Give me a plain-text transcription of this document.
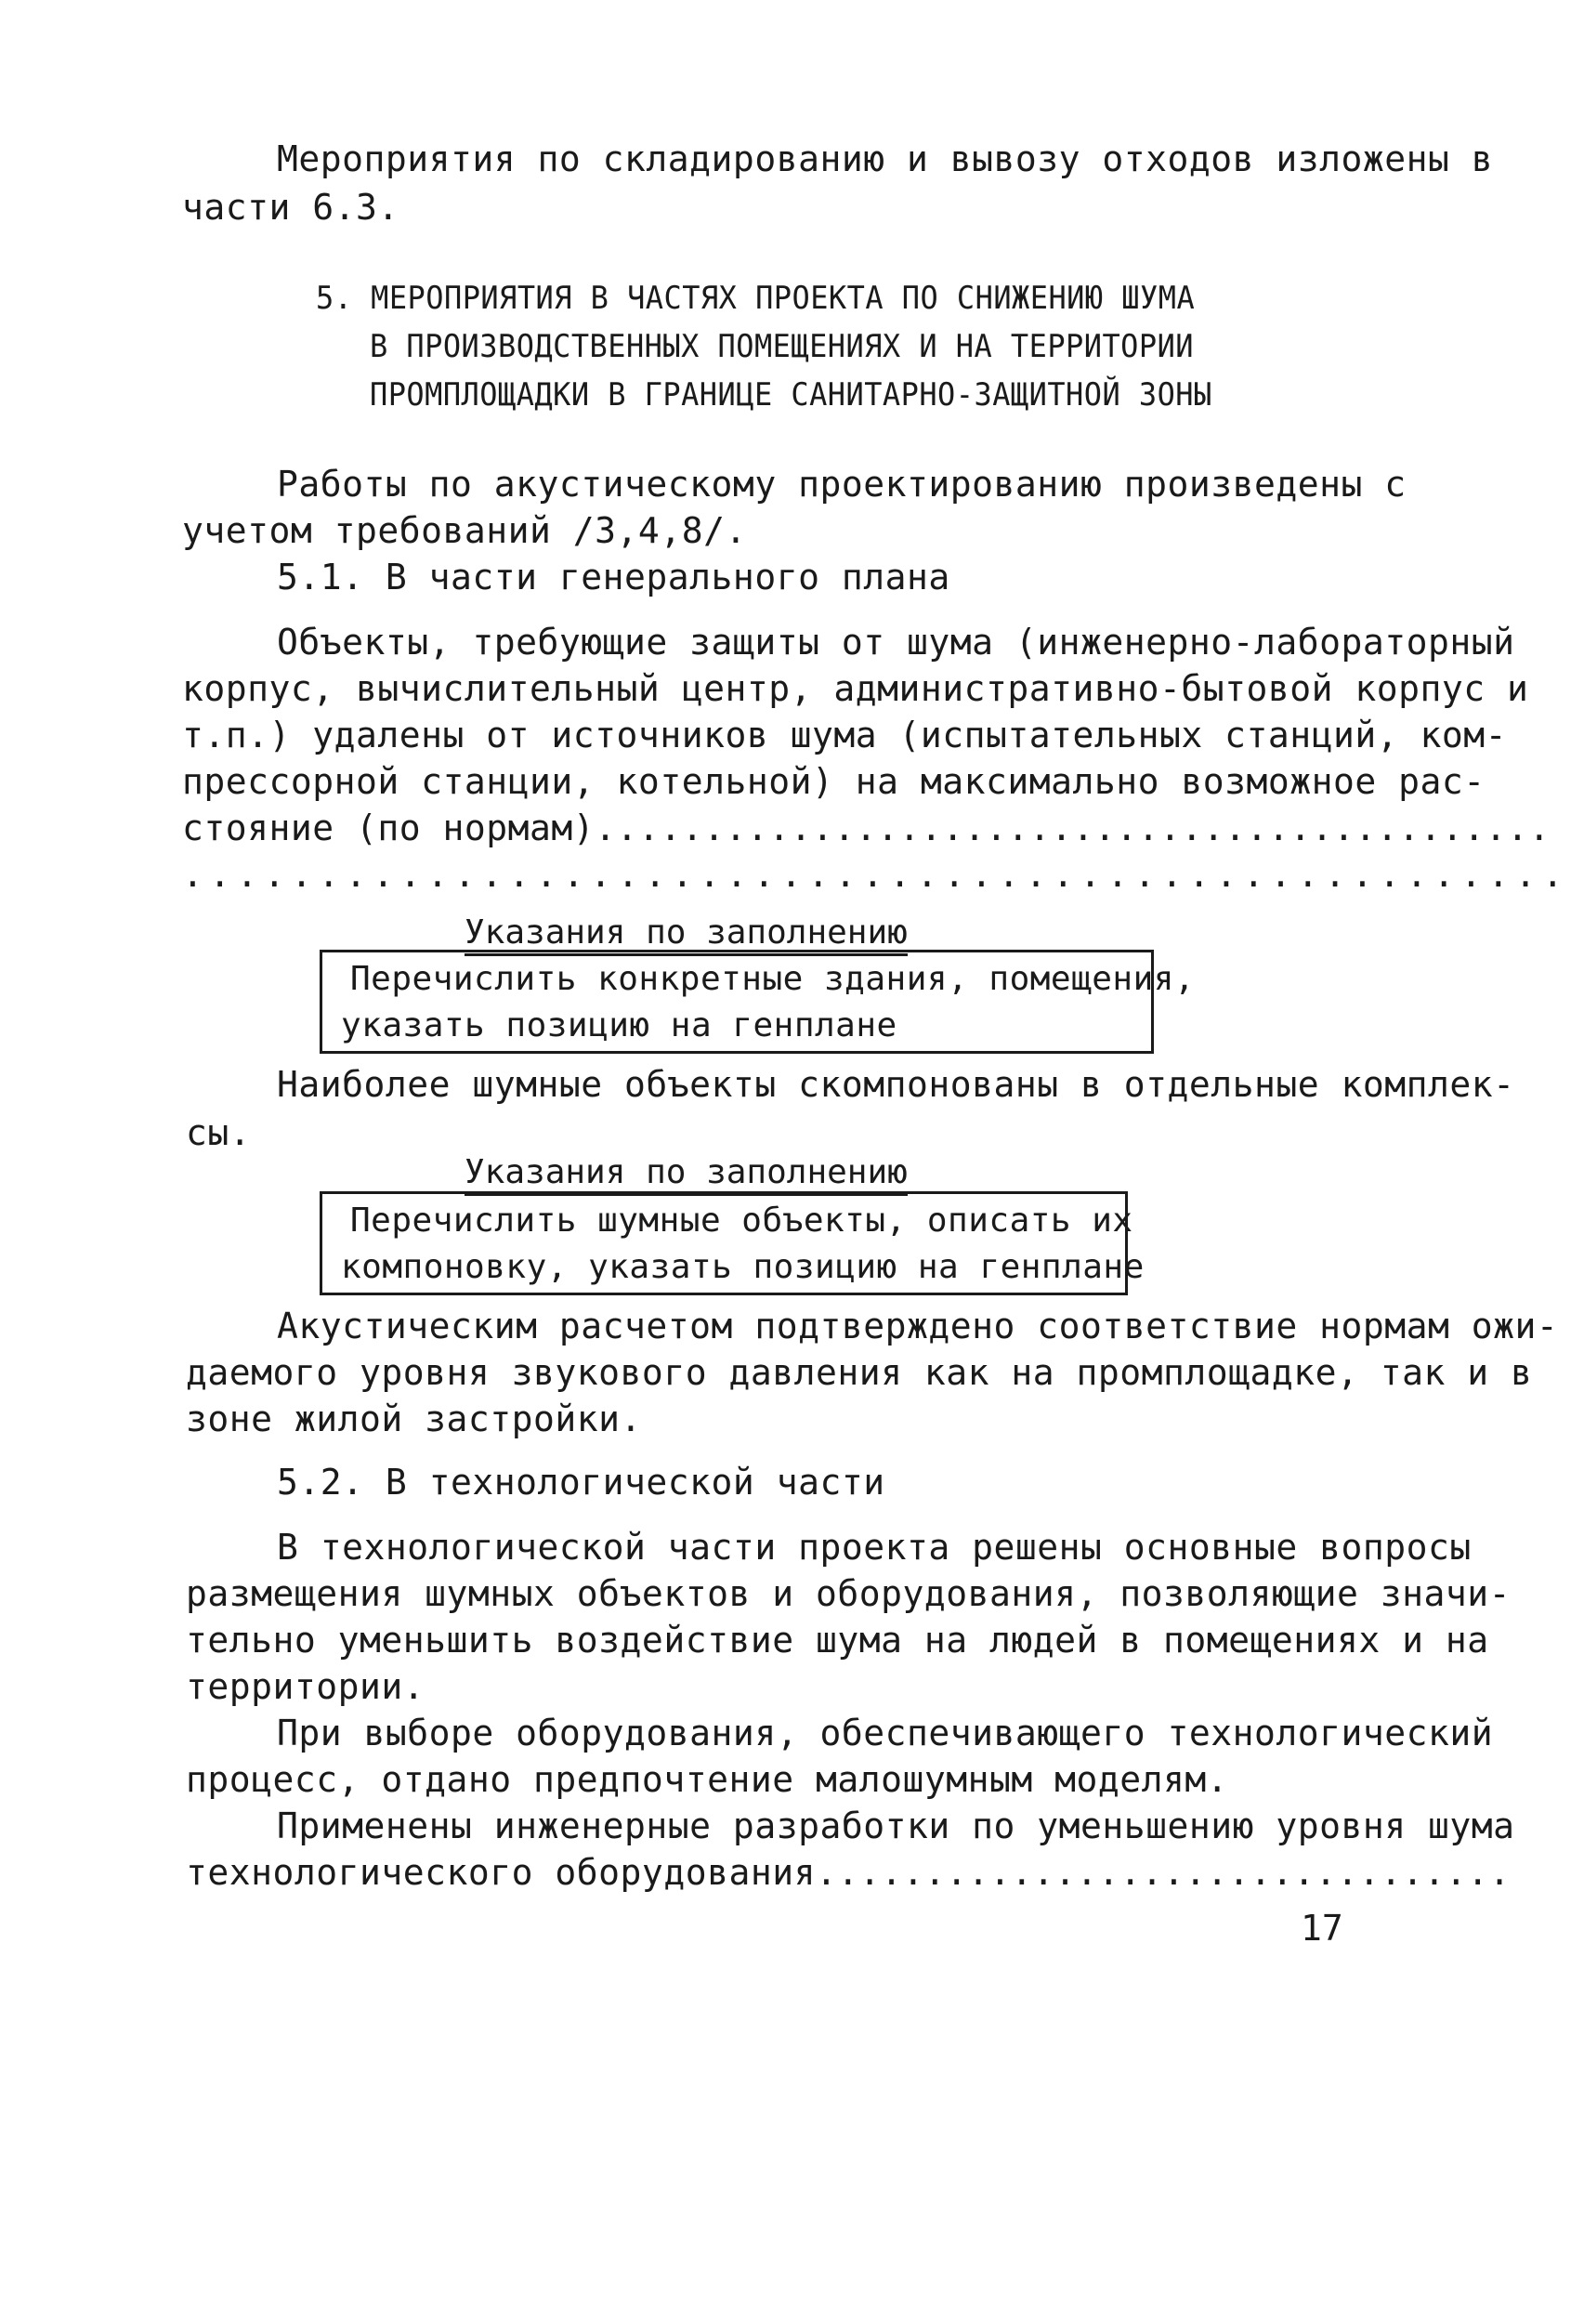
Мероприятия по складированию и вывозу отходов изложены в
части 6.3.
5. МЕРОПРИЯТИЯ В ЧАСТЯХ ПРОЕКТА ПО СНИЖЕНИЮ ШУМА
В ПРОИЗВОДСТВЕННЫХ ПОМЕЩЕНИЯХ И НА ТЕРРИТОРИИ
ПРОМПЛОЩАДКИ В ГРАНИЦЕ САНИТАРНО-ЗАЩИТНОЙ ЗОНЫ
Работы по акустическому проектированию произведены с
учетом требований /3,4,8/.
5.1. В части генерального плана
Объекты, требующие защиты от шума (инженерно-лабораторный
корпус, вычислительный центр, административно-бытовой корпус и
т.п.) удалены от источников шума (испытательных станций, ком-
прессорной станции, котельной) на максимально возможное рас-
стояние (по нормам)............................................
...................................................
Указания по заполнению
Перечислить конкретные здания, помещения,
указать позицию на генплане
Наиболее шумные объекты скомпонованы в отдельные комплек-
сы.
Указания по заполнению
Перечислить шумные объекты, описать их
компоновку, указать позицию на генплане
Акустическим расчетом подтверждено соответствие нормам ожи-
даемого уровня звукового давления как на промплощадке, так и в
зоне жилой застройки.
5.2. В технологической части
В технологической части проекта решены основные вопросы
размещения шумных объектов и оборудования, позволяющие значи-
тельно уменьшить воздействие шума на людей в помещениях и на
территории.
При выборе оборудования, обеспечивающего технологический
процесс, отдано предпочтение малошумным моделям.
Применены инженерные разработки по уменьшению уровня шума
технологического оборудования................................
17
